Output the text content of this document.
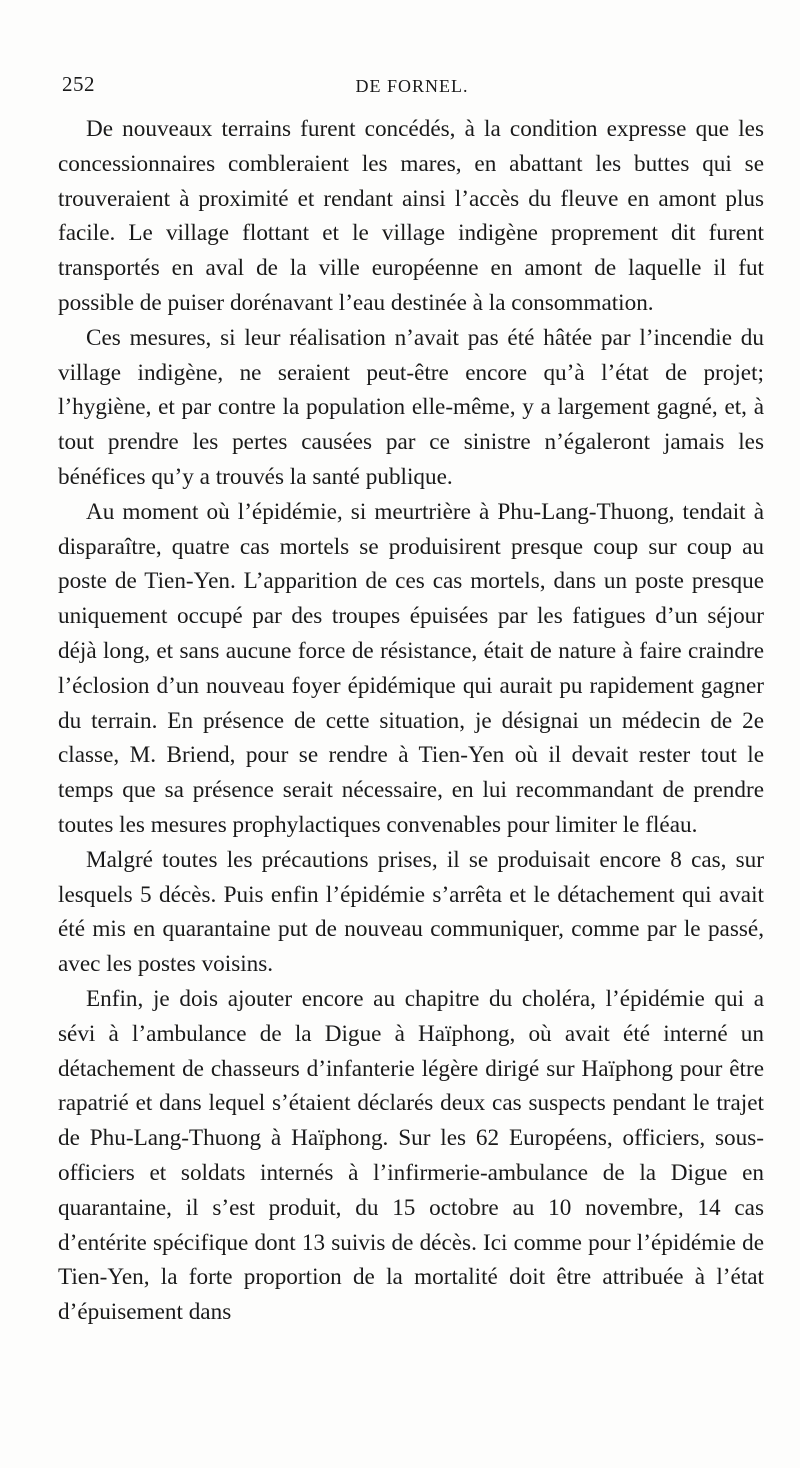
252	DE FORNEL.

De nouveaux terrains furent concédés, à la condition expresse que les concessionnaires combleraient les mares, en abattant les buttes qui se trouveraient à proximité et rendant ainsi l’accès du fleuve en amont plus facile. Le village flottant et le village indigène proprement dit furent transportés en aval de la ville européenne en amont de laquelle il fut possible de puiser dorénavant l’eau destinée à la consommation.

Ces mesures, si leur réalisation n’avait pas été hâtée par l’incendie du village indigène, ne seraient peut-être encore qu’à l’état de projet; l’hygiène, et par contre la population elle-même, y a largement gagné, et, à tout prendre les pertes causées par ce sinistre n’égaleront jamais les bénéfices qu’y a trouvés la santé publique.

Au moment où l’épidémie, si meurtrière à Phu-Lang-Thuong, tendait à disparaître, quatre cas mortels se produisirent presque coup sur coup au poste de Tien-Yen. L’apparition de ces cas mortels, dans un poste presque uniquement occupé par des troupes épuisées par les fatigues d’un séjour déjà long, et sans aucune force de résistance, était de nature à faire craindre l’éclosion d’un nouveau foyer épidémique qui aurait pu rapidement gagner du terrain. En présence de cette situation, je désignai un médecin de 2e classe, M. Briend, pour se rendre à Tien-Yen où il devait rester tout le temps que sa présence serait nécessaire, en lui recommandant de prendre toutes les mesures prophylactiques convenables pour limiter le fléau.

Malgré toutes les précautions prises, il se produisait encore 8 cas, sur lesquels 5 décès. Puis enfin l’épidémie s’arrêta et le détachement qui avait été mis en quarantaine put de nouveau communiquer, comme par le passé, avec les postes voisins.

Enfin, je dois ajouter encore au chapitre du choléra, l’épidémie qui a sévi à l’ambulance de la Digue à Haïphong, où avait été interné un détachement de chasseurs d’infanterie légère dirigé sur Haïphong pour être rapatrié et dans lequel s’étaient déclarés deux cas suspects pendant le trajet de Phu-Lang-Thuong à Haïphong. Sur les 62 Européens, officiers, sous-officiers et soldats internés à l’infirmerie-ambulance de la Digue en quarantaine, il s’est produit, du 15 octobre au 10 novembre, 14 cas d’entérite spécifique dont 13 suivis de décès. Ici comme pour l’épidémie de Tien-Yen, la forte proportion de la mortalité doit être attribuée à l’état d’épuisement dans
